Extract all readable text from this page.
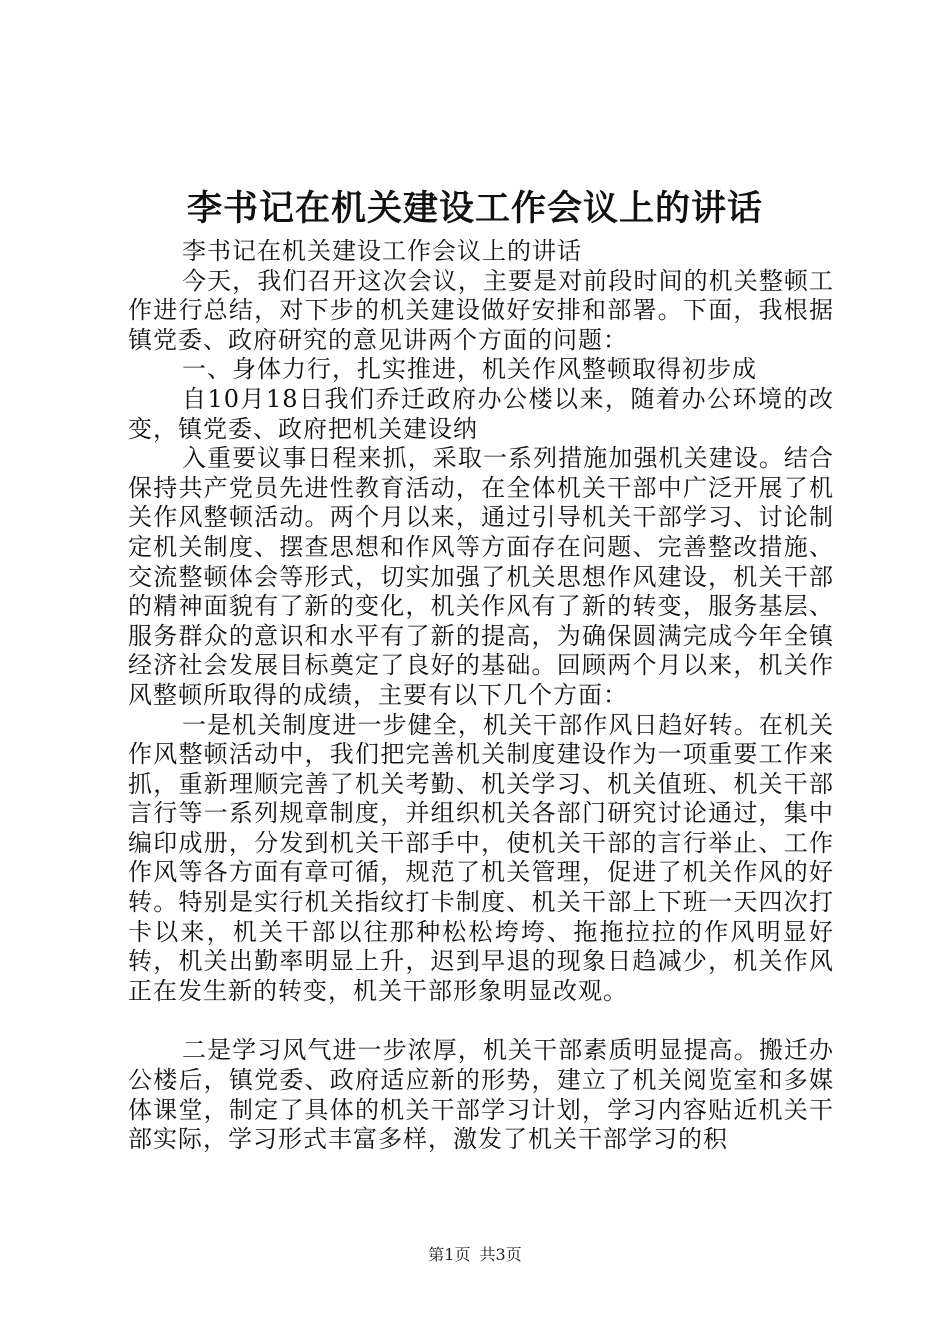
李书记在机关建设工作会议上的讲话

李书记在机关建设工作会议上的讲话

今天，我们召开这次会议，主要是对前段时间的机关整顿工作进行总结，对下步的机关建设做好安排和部署。下面，我根据镇党委、政府研究的意见讲两个方面的问题：

一、身体力行，扎实推进，机关作风整顿取得初步成

自10月18日我们乔迁政府办公楼以来，随着办公环境的改变，镇党委、政府把机关建设纳

入重要议事日程来抓，采取一系列措施加强机关建设。结合保持共产党员先进性教育活动，在全体机关干部中广泛开展了机关作风整顿活动。两个月以来，通过引导机关干部学习、讨论制定机关制度、摆查思想和作风等方面存在问题、完善整改措施、交流整顿体会等形式，切实加强了机关思想作风建设，机关干部的精神面貌有了新的变化，机关作风有了新的转变，服务基层、服务群众的意识和水平有了新的提高，为确保圆满完成今年全镇经济社会发展目标奠定了良好的基础。回顾两个月以来，机关作风整顿所取得的成绩，主要有以下几个方面：

一是机关制度进一步健全，机关干部作风日趋好转。在机关作风整顿活动中，我们把完善机关制度建设作为一项重要工作来抓，重新理顺完善了机关考勤、机关学习、机关值班、机关干部言行等一系列规章制度，并组织机关各部门研究讨论通过，集中编印成册，分发到机关干部手中，使机关干部的言行举止、工作作风等各方面有章可循，规范了机关管理，促进了机关作风的好转。特别是实行机关指纹打卡制度、机关干部上下班一天四次打卡以来，机关干部以往那种松松垮垮、拖拖拉拉的作风明显好转，机关出勤率明显上升，迟到早退的现象日趋减少，机关作风正在发生新的转变，机关干部形象明显改观。

二是学习风气进一步浓厚，机关干部素质明显提高。搬迁办公楼后，镇党委、政府适应新的形势，建立了机关阅览室和多媒体课堂，制定了具体的机关干部学习计划，学习内容贴近机关干部实际，学习形式丰富多样，激发了机关干部学习的积

第1页 共3页
